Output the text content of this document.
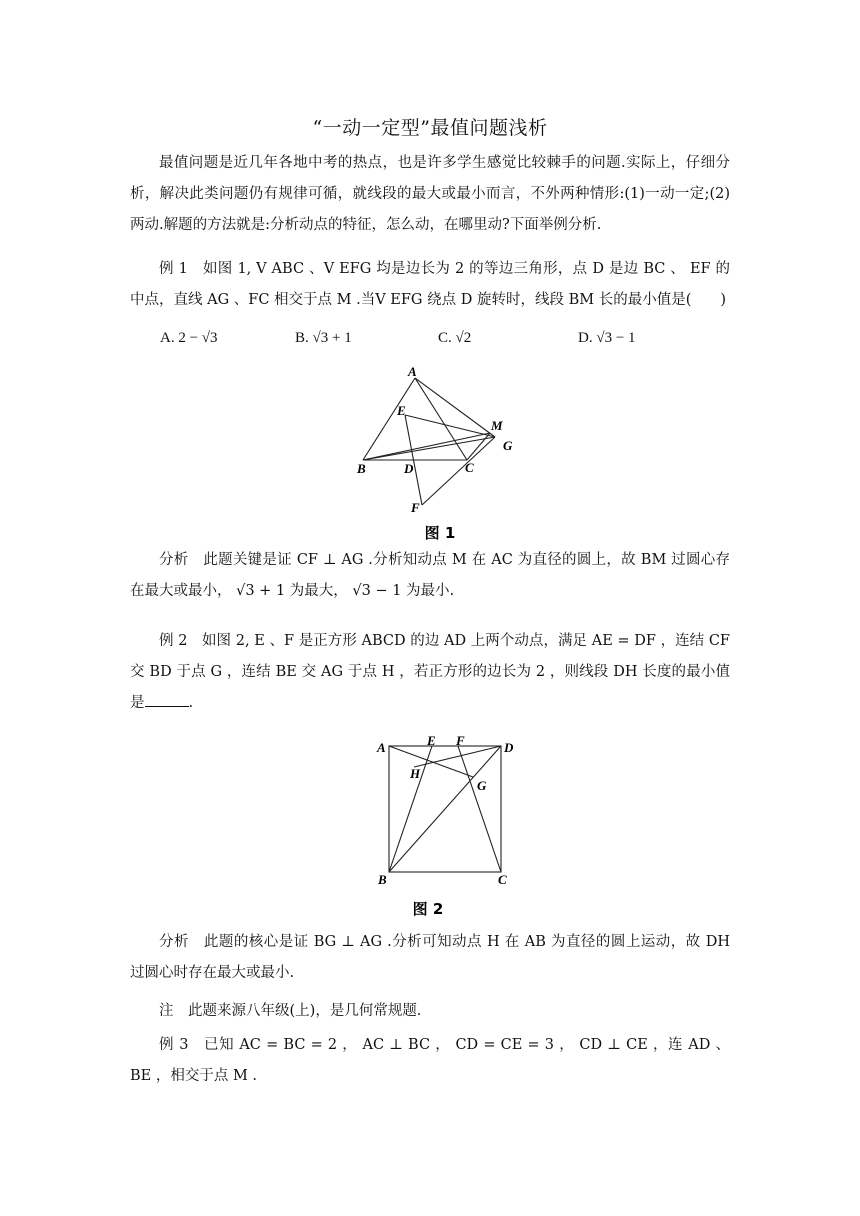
“一动一定型”最值问题浅析
最值问题是近几年各地中考的热点，也是许多学生感觉比较棘手的问题.实际上，仔细分析，解决此类问题仍有规律可循，就线段的最大或最小而言，不外两种情形:(1)一动一定;(2)两动.解题的方法就是:分析动点的特征，怎么动，在哪里动?下面举例分析.
例 1　如图 1, V ABC 、V EFG 均是边长为 2 的等边三角形，点 D 是边 BC 、 EF 的中点，直线 AG 、FC 相交于点 M .当V EFG 绕点 D 旋转时，线段 BM 长的最小值是(　　)
A. 2 − √3	B. √3 + 1	C. √2	D. √3 − 1
A
E
M
G
B	D	C
F
图 1
分析　此题关键是证 CF ⊥ AG .分析知动点 M 在 AC 为直径的圆上，故 BM 过圆心存在最大或最小， √3 + 1 为最大， √3 − 1 为最小.
例 2　如图 2, E 、F 是正方形 ABCD 的边 AD 上两个动点，满足 AE = DF ，连结 CF 交 BD 于点 G ，连结 BE 交 AG 于点 H ，若正方形的边长为 2 ，则线段 DH 长度的最小值是	.
A	E F	D
H
G
B	C
图 2
分析　此题的核心是证 BG ⊥ AG .分析可知动点 H 在 AB 为直径的圆上运动，故 DH 过圆心时存在最大或最小.
注　此题来源八年级(上)，是几何常规题.
例 3　已知 AC = BC = 2 ， AC ⊥ BC ， CD = CE = 3 ， CD ⊥ CE ，连 AD 、 BE ，相交于点 M .
